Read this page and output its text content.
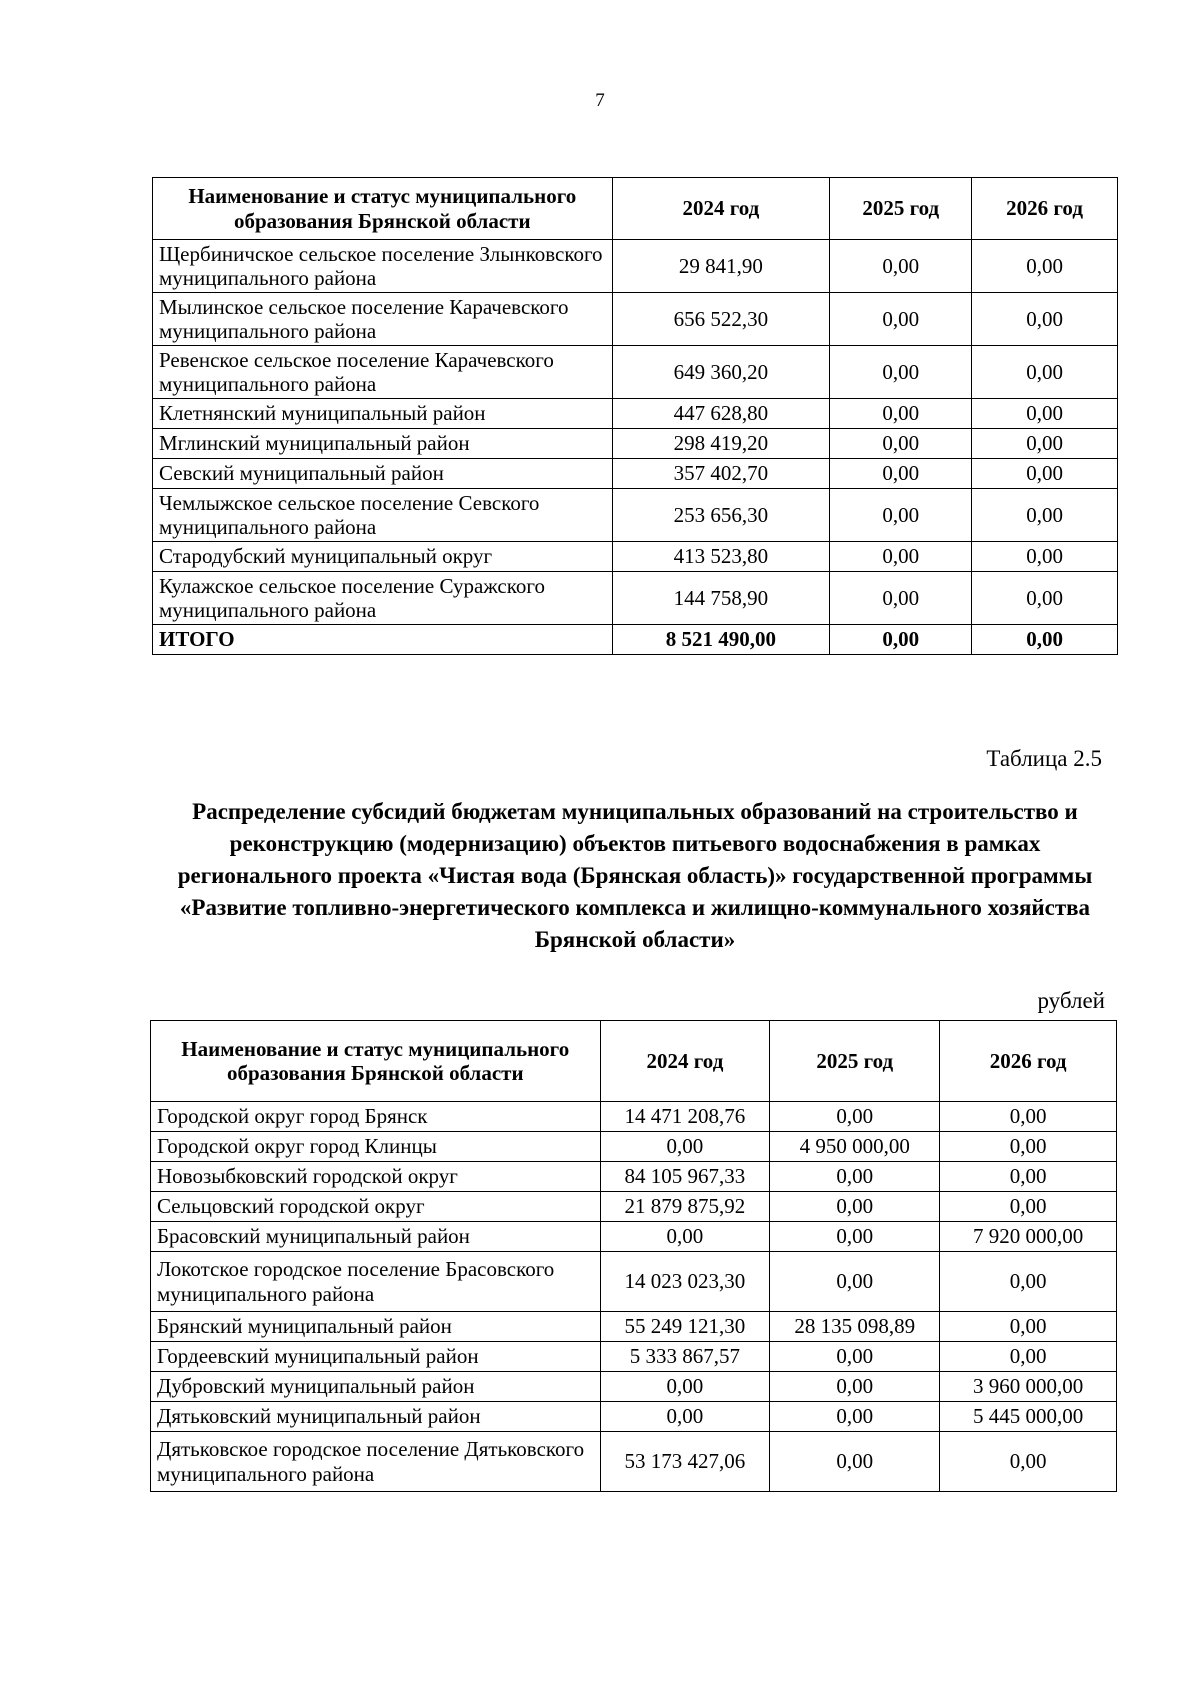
7
Наименование и статус муниципального образования Брянской области	2024 год	2025 год	2026 год
Щербиничское сельское поселение Злынковского муниципального района	29 841,90	0,00	0,00
Мылинское сельское поселение Карачевского муниципального района	656 522,30	0,00	0,00
Ревенское сельское поселение Карачевского муниципального района	649 360,20	0,00	0,00
Клетнянский муниципальный район	447 628,80	0,00	0,00
Мглинский муниципальный район	298 419,20	0,00	0,00
Севский муниципальный район	357 402,70	0,00	0,00
Чемлыжское сельское поселение Севского муниципального района	253 656,30	0,00	0,00
Стародубский муниципальный округ	413 523,80	0,00	0,00
Кулажское сельское поселение Суражского муниципального района	144 758,90	0,00	0,00
ИТОГО	8 521 490,00	0,00	0,00
Таблица 2.5
Распределение субсидий бюджетам муниципальных образований на строительство и реконструкцию (модернизацию) объектов питьевого водоснабжения в рамках регионального проекта «Чистая вода (Брянская область)» государственной программы «Развитие топливно-энергетического комплекса и жилищно-коммунального хозяйства Брянской области»
рублей
Наименование и статус муниципального образования Брянской области	2024 год	2025 год	2026 год
Городской округ город Брянск	14 471 208,76	0,00	0,00
Городской округ город Клинцы	0,00	4 950 000,00	0,00
Новозыбковский городской округ	84 105 967,33	0,00	0,00
Сельцовский городской округ	21 879 875,92	0,00	0,00
Брасовский муниципальный район	0,00	0,00	7 920 000,00
Локотское городское поселение Брасовского муниципального района	14 023 023,30	0,00	0,00
Брянский муниципальный район	55 249 121,30	28 135 098,89	0,00
Гордеевский муниципальный район	5 333 867,57	0,00	0,00
Дубровский муниципальный район	0,00	0,00	3 960 000,00
Дятьковский муниципальный район	0,00	0,00	5 445 000,00
Дятьковское городское поселение Дятьковского муниципального района	53 173 427,06	0,00	0,00
